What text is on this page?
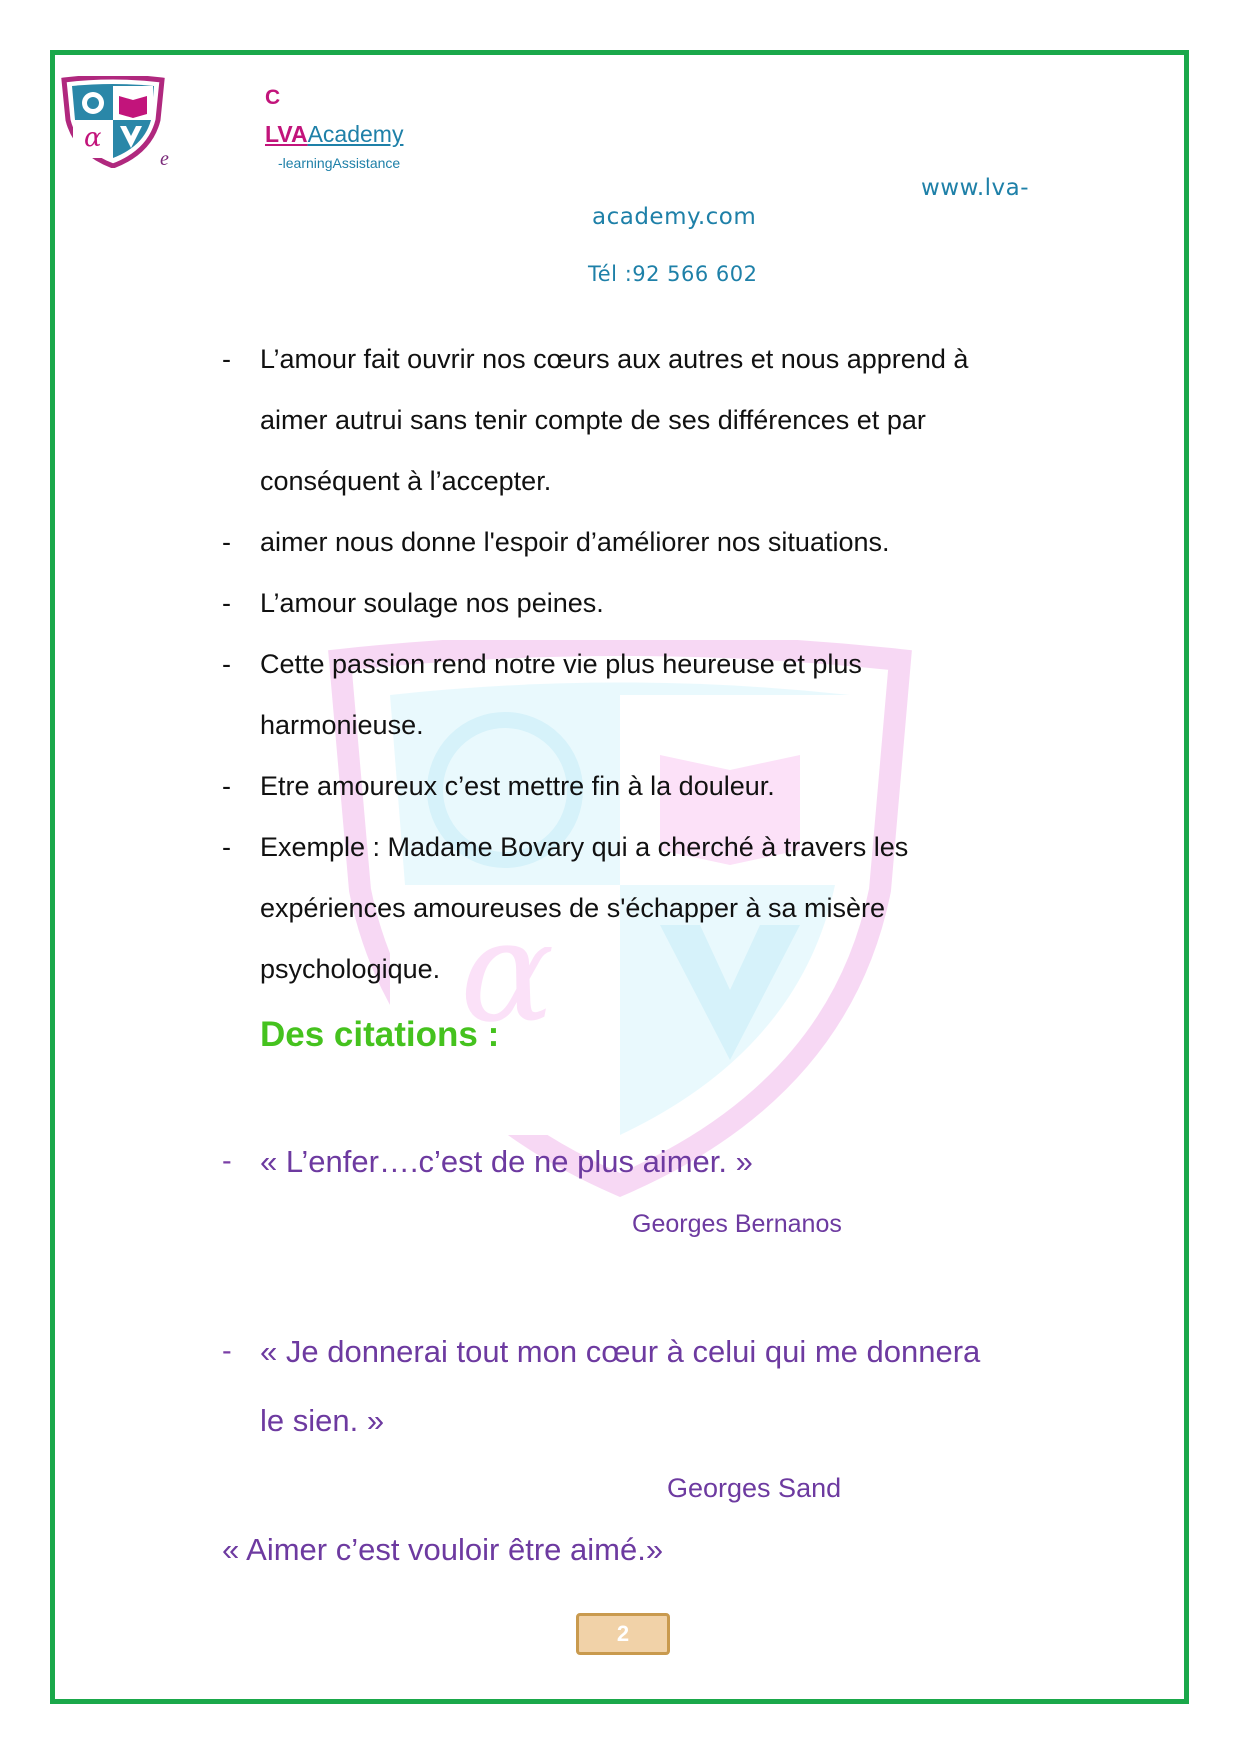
α
α
e
C
LVAAcademy
-learningAssistance
www.lva-
academy.com
Tél :92 566 602
- L’amour fait ouvrir nos cœurs aux autres et nous apprend à
aimer autrui sans tenir compte de ses différences et par
conséquent à l’accepter.
- aimer nous donne l'espoir d’améliorer nos situations.
- L’amour soulage nos peines.
- Cette passion rend notre vie plus heureuse et plus
harmonieuse.
- Etre amoureux c’est mettre fin à la douleur.
- Exemple : Madame Bovary qui a cherché à travers les
expériences amoureuses de s'échapper à sa misère
psychologique.
Des citations :
- « L’enfer….c’est de ne plus aimer. »
Georges Bernanos
- « Je donnerai tout mon cœur à celui qui me donnera
le sien. »
Georges Sand
« Aimer c’est vouloir être aimé.»
2
